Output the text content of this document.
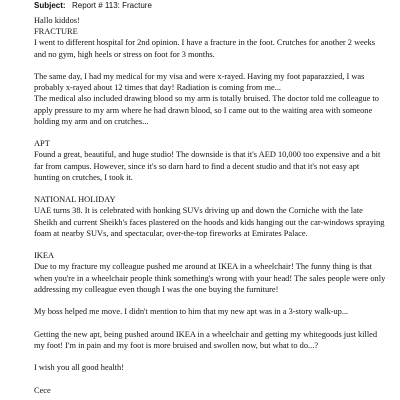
Subject: Report # 113: Fracture

Hallo kiddos!
FRACTURE
I went to different hospital for 2nd opinion. I have a fracture in the foot. Crutches for another 2 weeks and no gym, high heels or stress on foot for 3 months.

The same day, I had my medical for my visa and were x-rayed. Having my foot paparazzied, I was probably x-rayed about 12 times that day! Radiation is coming from me...
The medical also included drawing blood so my arm is totally bruised. The doctor told me colleague to apply pressure to my arm where he had drawn blood, so I came out to the waiting area with someone holding my arm and on crutches...

APT
Found a great, beautiful, and huge studio! The downside is that it's AED 10,000 too expensive and a bit far from campus. However, since it's so darn hard to find a decent studio and that it's not easy apt hunting on crutches, I took it.

NATIONAL HOLIDAY
UAE turns 38. It is celebrated with honking SUVs driving up and down the Corniche with the late Sheikh and current Sheikh's faces plastered on the hoods and kids hanging out the car-windows spraying foam at nearby SUVs, and spectacular, over-the-top fireworks at Emirates Palace.

IKEA
Due to my fracture my colleague pushed me around at IKEA in a wheelchair! The funny thing is that when you're in a wheelchair people think something's wrong with your head! The sales people were only addressing my colleague even though I was the one buying the furniture!

My boss helped me move. I didn't mention to him that my new apt was in a 3-story walk-up...

Getting the new apt, being pushed around IKEA in a wheelchair and getting my whitegoods just killed my foot! I'm in pain and my foot is more bruised and swollen now, but what to do...?

I wish you all good health!

Cece
